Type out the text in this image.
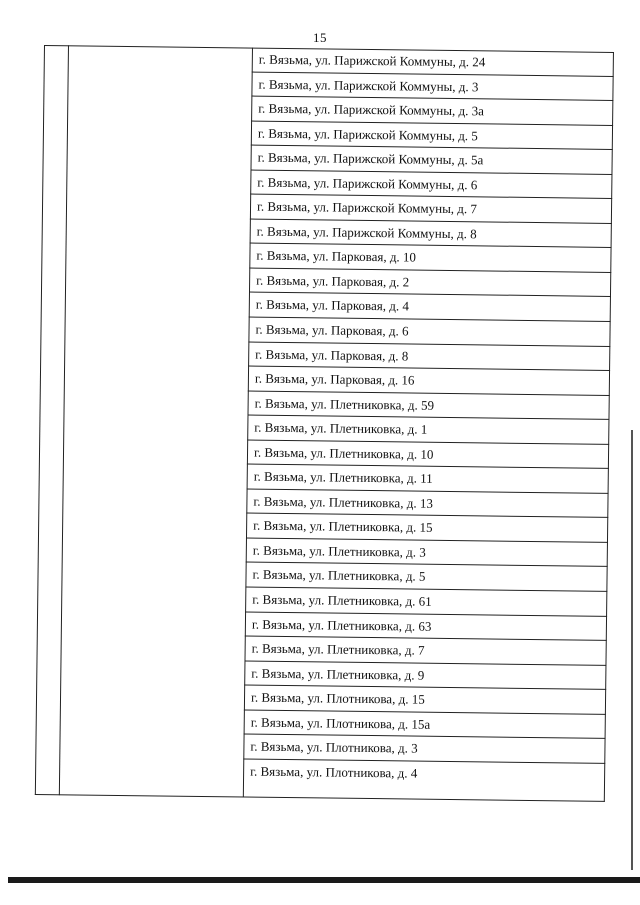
15
г. Вязьма, ул. Парижской Коммуны, д. 24
г. Вязьма, ул. Парижской Коммуны, д. 3
г. Вязьма, ул. Парижской Коммуны, д. 3а
г. Вязьма, ул. Парижской Коммуны, д. 5
г. Вязьма, ул. Парижской Коммуны, д. 5а
г. Вязьма, ул. Парижской Коммуны, д. 6
г. Вязьма, ул. Парижской Коммуны, д. 7
г. Вязьма, ул. Парижской Коммуны, д. 8
г. Вязьма, ул. Парковая, д. 10
г. Вязьма, ул. Парковая, д. 2
г. Вязьма, ул. Парковая, д. 4
г. Вязьма, ул. Парковая, д. 6
г. Вязьма, ул. Парковая, д. 8
г. Вязьма, ул. Парковая, д. 16
г. Вязьма, ул. Плетниковка, д. 59
г. Вязьма, ул. Плетниковка, д. 1
г. Вязьма, ул. Плетниковка, д. 10
г. Вязьма, ул. Плетниковка, д. 11
г. Вязьма, ул. Плетниковка, д. 13
г. Вязьма, ул. Плетниковка, д. 15
г. Вязьма, ул. Плетниковка, д. 3
г. Вязьма, ул. Плетниковка, д. 5
г. Вязьма, ул. Плетниковка, д. 61
г. Вязьма, ул. Плетниковка, д. 63
г. Вязьма, ул. Плетниковка, д. 7
г. Вязьма, ул. Плетниковка, д. 9
г. Вязьма, ул. Плотникова, д. 15
г. Вязьма, ул. Плотникова, д. 15а
г. Вязьма, ул. Плотникова, д. 3
г. Вязьма, ул. Плотникова, д. 4
